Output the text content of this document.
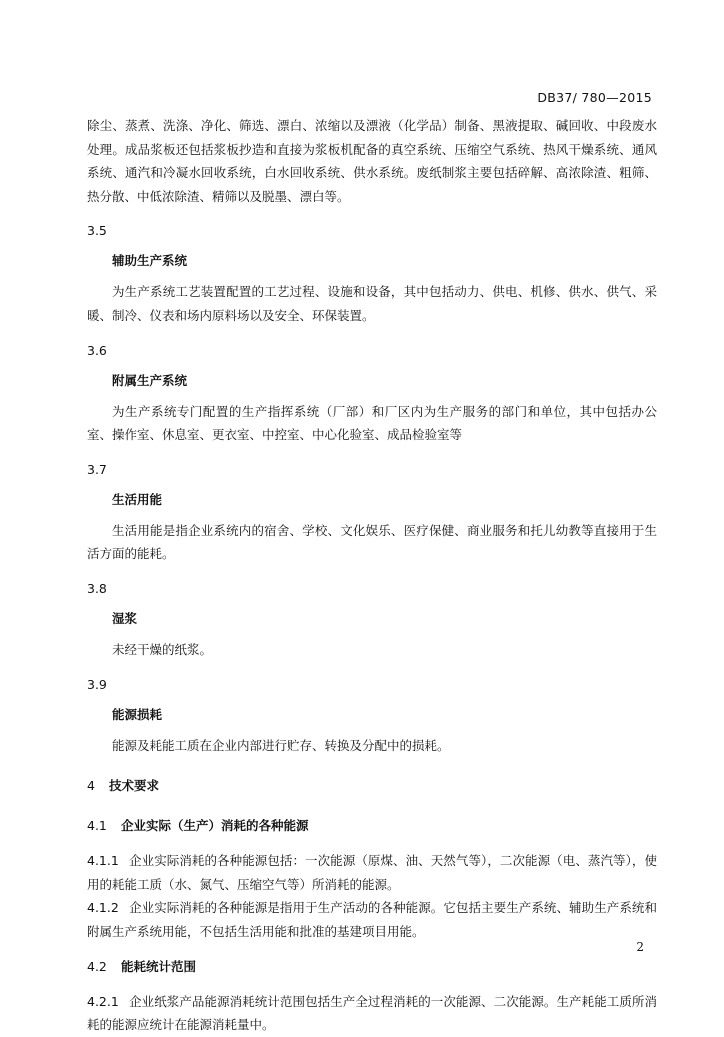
DB37/ 780—2015

除尘、蒸煮、洗涤、净化、筛选、漂白、浓缩以及漂液（化学品）制备、黑液提取、碱回收、中段废水处理。成品浆板还包括浆板抄造和直接为浆板机配备的真空系统、压缩空气系统、热风干燥系统、通风系统、通汽和冷凝水回收系统，白水回收系统、供水系统。废纸制浆主要包括碎解、高浓除渣、粗筛、热分散、中低浓除渣、精筛以及脱墨、漂白等。

3.5

辅助生产系统

为生产系统工艺装置配置的工艺过程、设施和设备，其中包括动力、供电、机修、供水、供气、采暖、制冷、仪表和场内原料场以及安全、环保装置。

3.6

附属生产系统

为生产系统专门配置的生产指挥系统（厂部）和厂区内为生产服务的部门和单位，其中包括办公室、操作室、休息室、更衣室、中控室、中心化验室、成品检验室等

3.7

生活用能

生活用能是指企业系统内的宿舍、学校、文化娱乐、医疗保健、商业服务和托儿幼教等直接用于生活方面的能耗。

3.8

湿浆

未经干燥的纸浆。

3.9

能源损耗

能源及耗能工质在企业内部进行贮存、转换及分配中的损耗。

4 技术要求

4.1 企业实际（生产）消耗的各种能源

4.1.1 企业实际消耗的各种能源包括：一次能源（原煤、油、天然气等），二次能源（电、蒸汽等），使用的耗能工质（水、氮气、压缩空气等）所消耗的能源。

4.1.2 企业实际消耗的各种能源是指用于生产活动的各种能源。它包括主要生产系统、辅助生产系统和附属生产系统用能，不包括生活用能和批准的基建项目用能。

4.2 能耗统计范围

4.2.1 企业纸浆产品能源消耗统计范围包括生产全过程消耗的一次能源、二次能源。生产耗能工质所消耗的能源应统计在能源消耗量中。

2
